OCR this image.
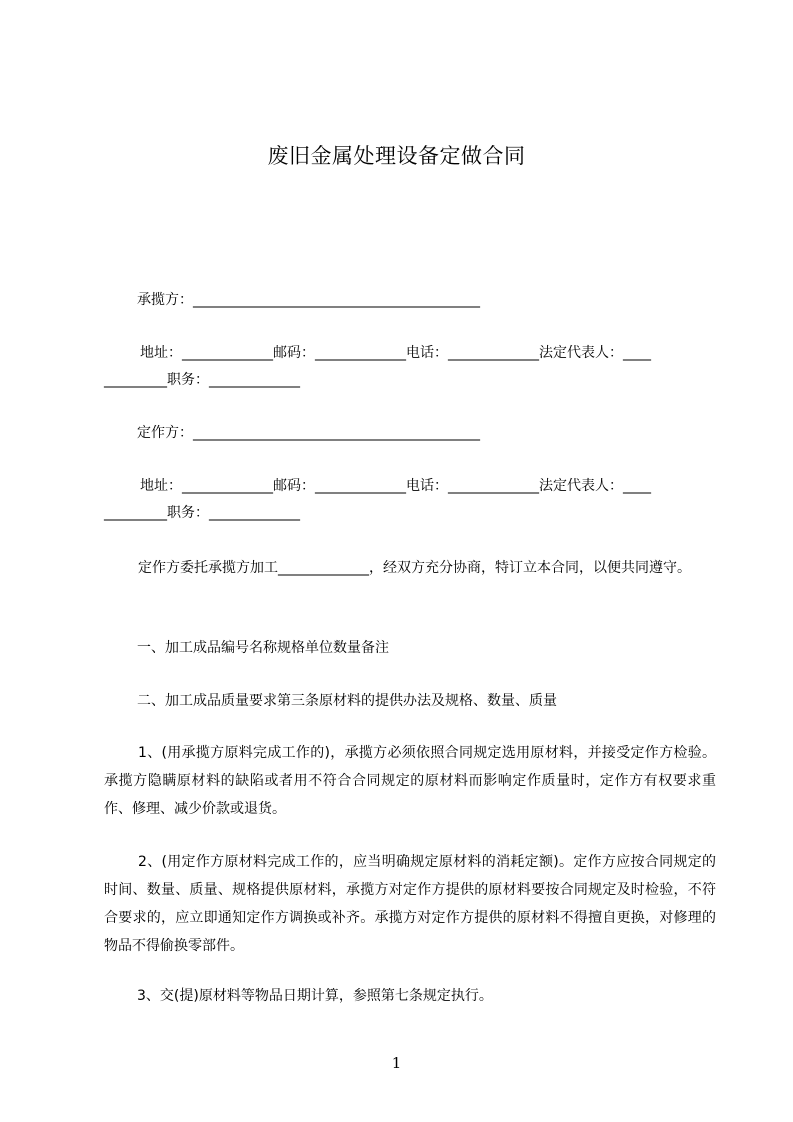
废旧金属处理设备定做合同
承揽方：_________________________________________
地址：_____________邮码：_____________电话：_____________法定代表人：____
_________职务：_____________
定作方：_________________________________________
地址：_____________邮码：_____________电话：_____________法定代表人：____
_________职务：_____________
定作方委托承揽方加工_____________，经双方充分协商，特订立本合同，以便共同遵守。
一、加工成品编号名称规格单位数量备注
二、加工成品质量要求第三条原材料的提供办法及规格、数量、质量
1、(用承揽方原料完成工作的)，承揽方必须依照合同规定选用原材料，并接受定作方检验。承揽方隐瞒原材料的缺陷或者用不符合合同规定的原材料而影响定作质量时，定作方有权要求重作、修理、减少价款或退货。
2、(用定作方原材料完成工作的，应当明确规定原材料的消耗定额)。定作方应按合同规定的时间、数量、质量、规格提供原材料，承揽方对定作方提供的原材料要按合同规定及时检验，不符合要求的，应立即通知定作方调换或补齐。承揽方对定作方提供的原材料不得擅自更换，对修理的物品不得偷换零部件。
3、交(提)原材料等物品日期计算，参照第七条规定执行。
1
